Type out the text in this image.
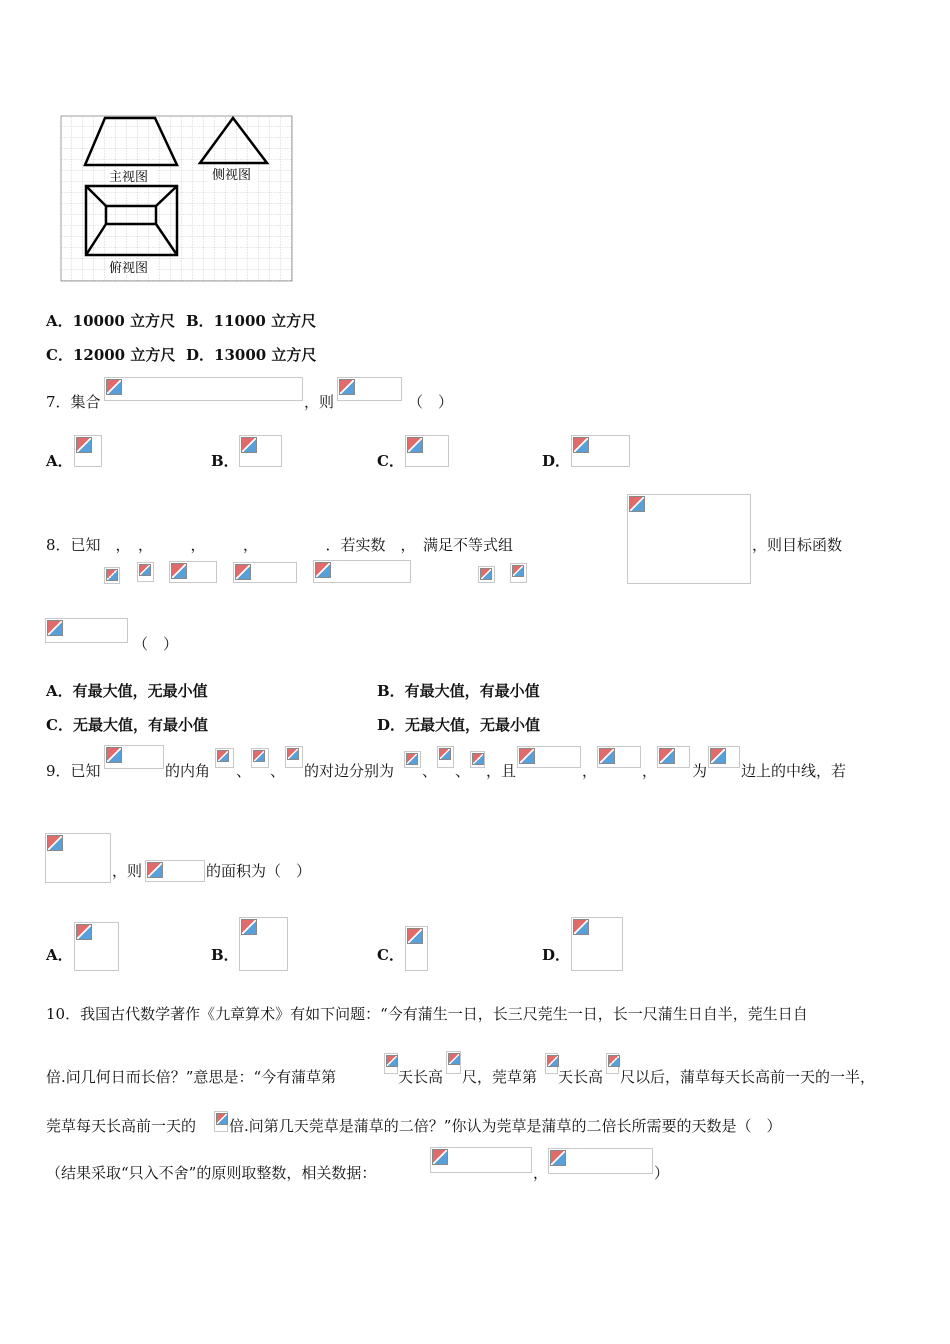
主视图	侧视图
俯视图
A．10000 立方尺 B．11000 立方尺
C．12000 立方尺 D．13000 立方尺
7．集合	，则	（　）
A．	B．	C．	D．
8．已知　，　，　　　，　　　，　　　　　．若实数　，　满足不等式组	，则目标函数
（　）
A．有最大值，无最小值	B．有最大值，有最小值
C．无最大值，有最小值	D．无最大值，无最小值
9．已知	的内角 、 、 的对边分别为 、 、 ，且	，	， 为 边上的中线，若
，则	的面积为（　）
A．	B．	C．	D．
10．我国古代数学著作《九章算术》有如下问题：“今有蒲生一日，长三尺莞生一日，长一尺蒲生日自半，莞生日自
倍.问几何日而长倍？”意思是：“今有蒲草第	天长高 尺，莞草第 天长高 尺以后，蒲草每天长高前一天的一半，
莞草每天长高前一天的 倍.问第几天莞草是蒲草的二倍？”你认为莞草是蒲草的二倍长所需要的天数是（　）
（结果采取“只入不舍”的原则取整数，相关数据：	，	）
